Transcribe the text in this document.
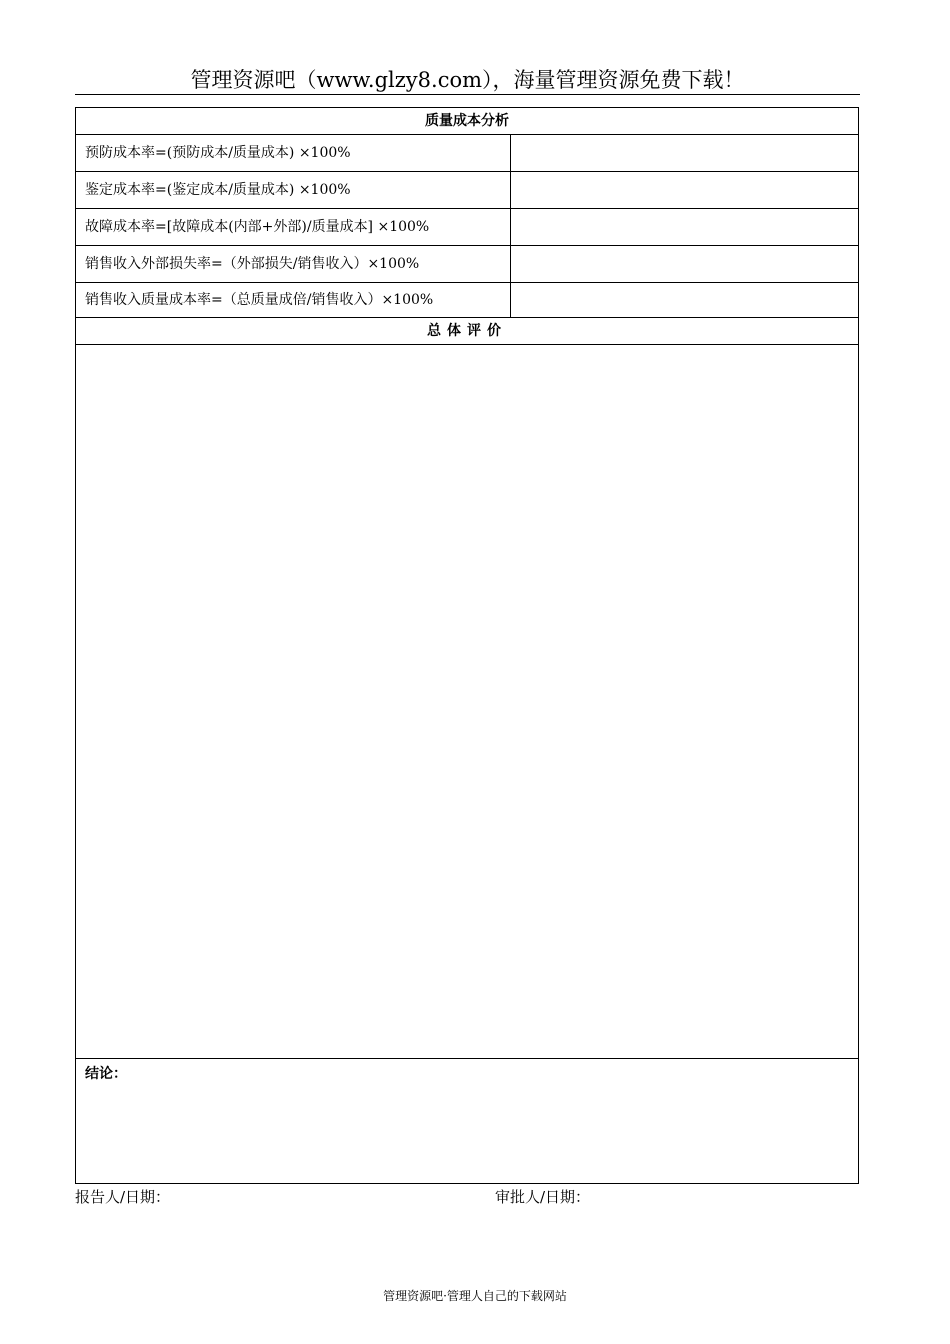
管理资源吧（www.glzy8.com），海量管理资源免费下载！
质量成本分析
预防成本率=(预防成本/质量成本) ×100%
鉴定成本率=(鉴定成本/质量成本) ×100%
故障成本率=[故障成本(内部+外部)/质量成本] ×100%
销售收入外部损失率=（外部损失/销售收入）×100%
销售收入质量成本率=（总质量成倍/销售收入）×100%
总体评价
结论：
报告人/日期：	审批人/日期：
管理资源吧·管理人自己的下载网站
